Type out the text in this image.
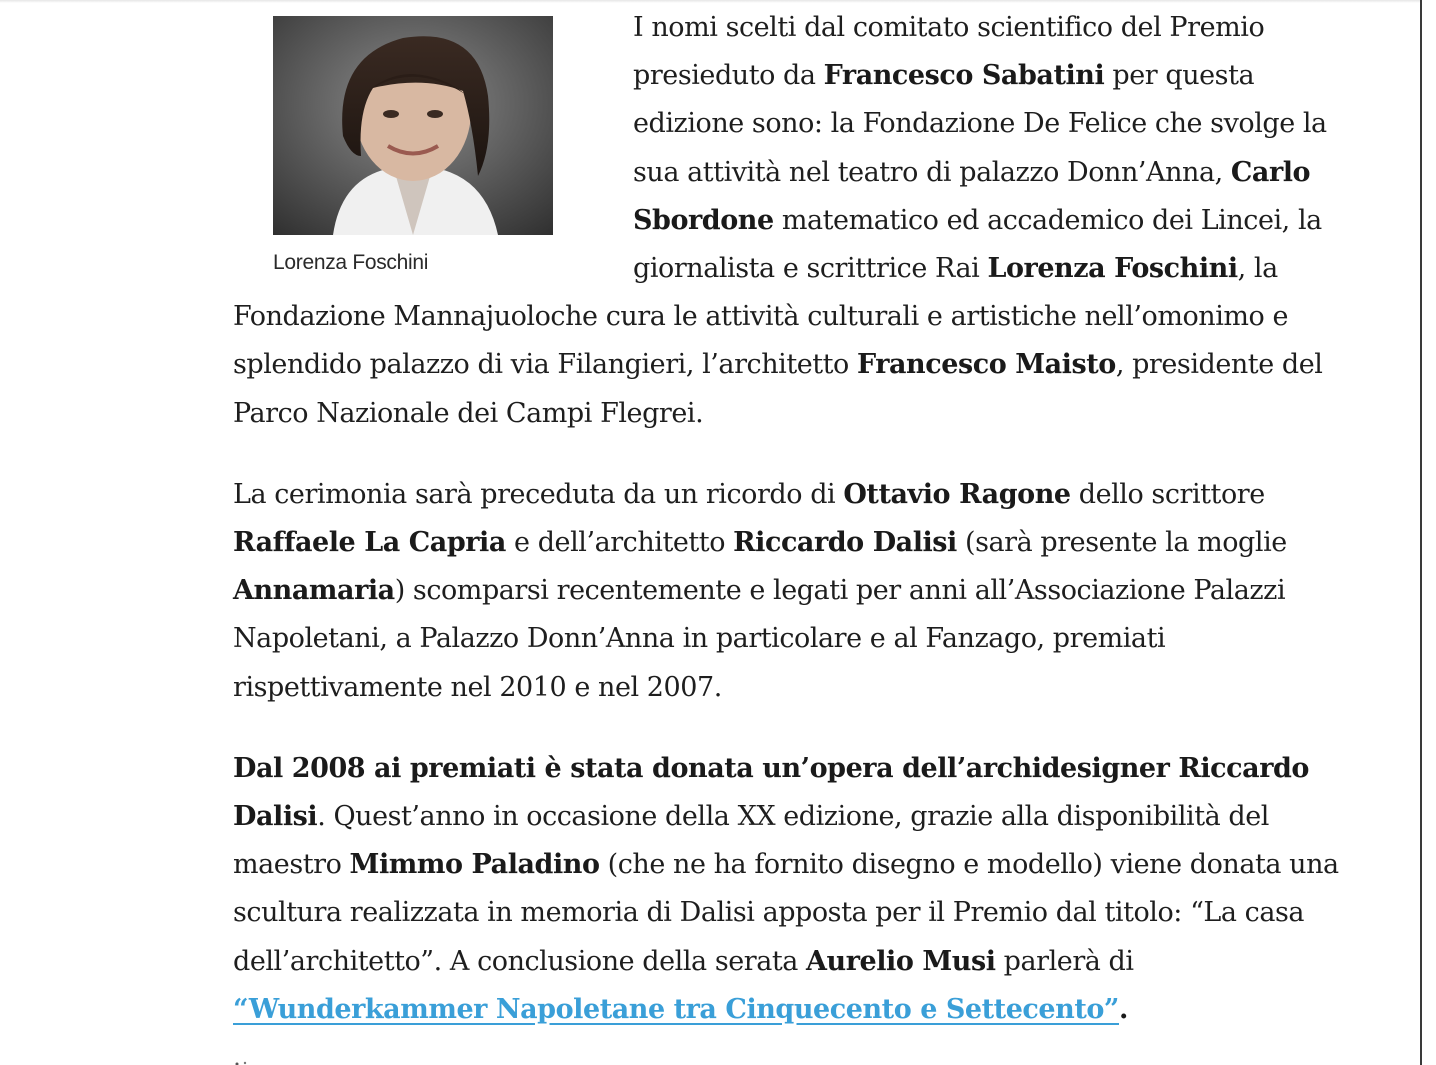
Lorenza Foschini

I nomi scelti dal comitato scientifico del Premio presieduto da Francesco Sabatini per questa edizione sono: la Fondazione De Felice che svolge la sua attività nel teatro di palazzo Donn’Anna, Carlo Sbordone matematico ed accademico dei Lincei, la giornalista e scrittrice Rai Lorenza Foschini, la Fondazione Mannajuoloche cura le attività culturali e artistiche nell’omonimo e splendido palazzo di via Filangieri, l’architetto Francesco Maisto, presidente del Parco Nazionale dei Campi Flegrei.

La cerimonia sarà preceduta da un ricordo di Ottavio Ragone dello scrittore Raffaele La Capria e dell’architetto Riccardo Dalisi (sarà presente la moglie Annamaria) scomparsi recentemente e legati per anni all’Associazione Palazzi Napoletani, a Palazzo Donn’Anna in particolare e al Fanzago, premiati rispettivamente nel 2010 e nel 2007.

Dal 2008 ai premiati è stata donata un’opera dell’archidesigner Riccardo Dalisi. Quest’anno in occasione della XX edizione, grazie alla disponibilità del maestro Mimmo Paladino (che ne ha fornito disegno e modello) viene donata una scultura realizzata in memoria di Dalisi apposta per il Premio dal titolo: “La casa dell’architetto”. A conclusione della serata Aurelio Musi parlerà di “Wunderkammer Napoletane tra Cinquecento e Settecento”.
